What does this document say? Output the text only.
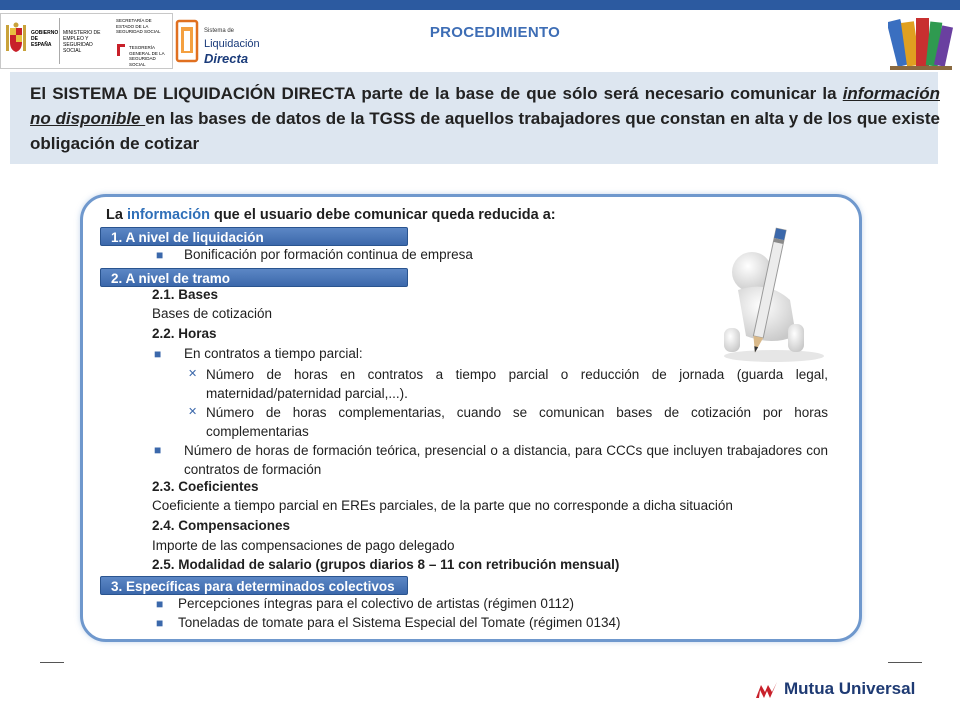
GOBIERNO DE ESPAÑA
MINISTERIO DE EMPLEO Y SEGURIDAD SOCIAL
SECRETARÍA DE ESTADO DE LA SEGURIDAD SOCIAL
TESORERÍA GENERAL DE LA SEGURIDAD SOCIAL
Sistema de
Liquidación
Directa
PROCEDIMIENTO

El SISTEMA DE LIQUIDACIÓN DIRECTA parte de la base de que sólo será necesario comunicar la información no disponible en las bases de datos de la TGSS de aquellos trabajadores que constan en alta y de los que existe obligación de cotizar

La información que el usuario debe comunicar queda reducida a:
1. A nivel de liquidación
■ Bonificación por formación continua de empresa
2. A nivel de tramo
2.1. Bases
Bases de cotización
2.2. Horas
■ En contratos a tiempo parcial:
✕ Número de horas en contratos a tiempo parcial o reducción de jornada (guarda legal, maternidad/paternidad parcial,...).
✕ Número de horas complementarias, cuando se comunican bases de cotización por horas complementarias
■ Número de horas de formación teórica, presencial o a distancia, para CCCs que incluyen trabajadores con contratos de formación
2.3. Coeficientes
Coeficiente a tiempo parcial en EREs parciales, de la parte que no corresponde a dicha situación
2.4. Compensaciones
Importe de las compensaciones de pago delegado
2.5. Modalidad de salario (grupos diarios 8 – 11 con retribución mensual)
3. Específicas para determinados colectivos
■ Percepciones íntegras para el colectivo de artistas (régimen 0112)
■ Toneladas de tomate para el Sistema Especial del Tomate (régimen 0134)
Mutua Universal
